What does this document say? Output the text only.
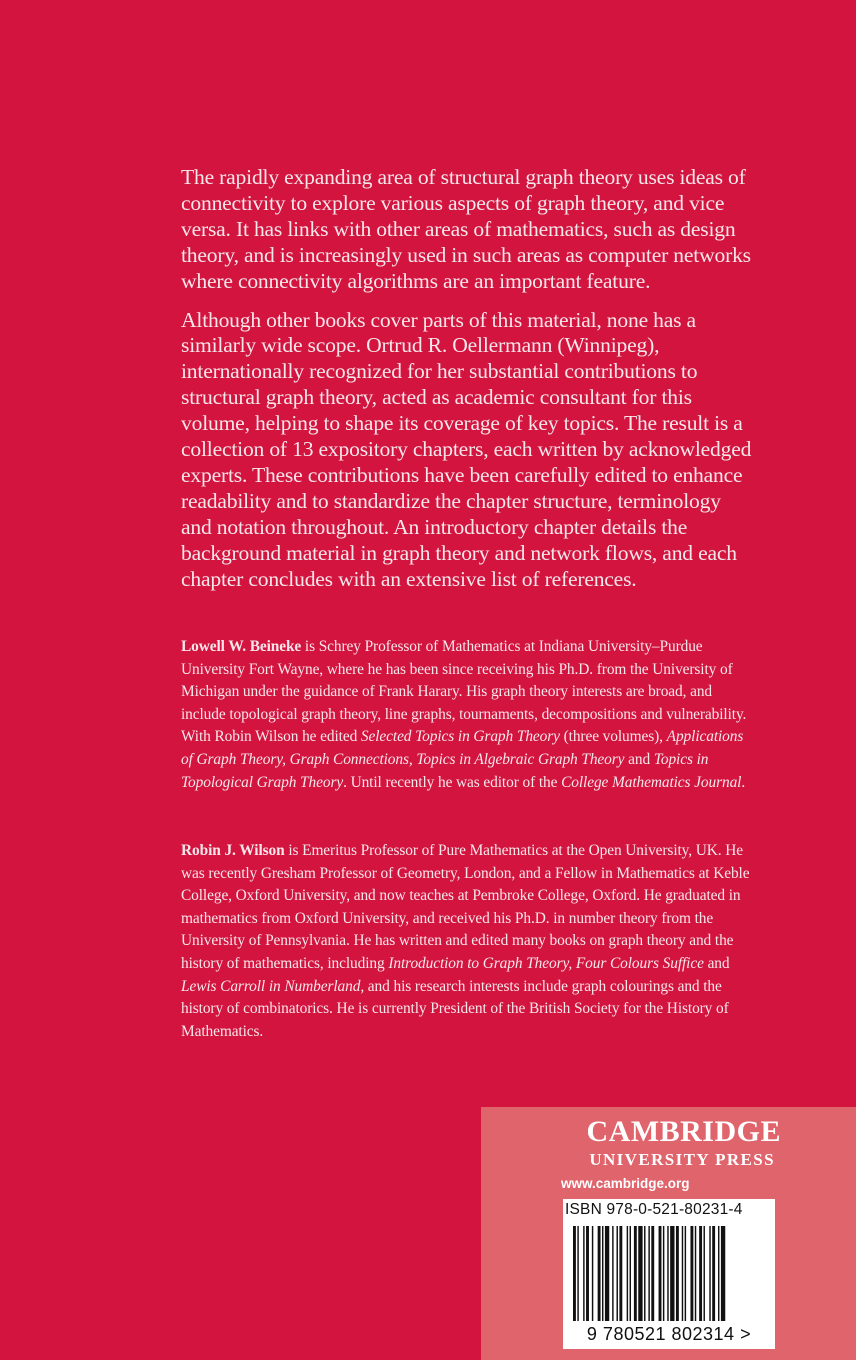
The rapidly expanding area of structural graph theory uses ideas of connectivity to explore various aspects of graph theory, and vice versa. It has links with other areas of mathematics, such as design theory, and is increasingly used in such areas as computer networks where connectivity algorithms are an important feature.

Although other books cover parts of this material, none has a similarly wide scope. Ortrud R. Oellermann (Winnipeg), internationally recognized for her substantial contributions to structural graph theory, acted as academic consultant for this volume, helping to shape its coverage of key topics. The result is a collection of 13 expository chapters, each written by acknowledged experts. These contributions have been carefully edited to enhance readability and to standardize the chapter structure, terminology and notation throughout. An introductory chapter details the background material in graph theory and network flows, and each chapter concludes with an extensive list of references.

Lowell W. Beineke is Schrey Professor of Mathematics at Indiana University–Purdue University Fort Wayne, where he has been since receiving his Ph.D. from the University of Michigan under the guidance of Frank Harary. His graph theory interests are broad, and include topological graph theory, line graphs, tournaments, decompositions and vulnerability. With Robin Wilson he edited Selected Topics in Graph Theory (three volumes), Applications of Graph Theory, Graph Connections, Topics in Algebraic Graph Theory and Topics in Topological Graph Theory. Until recently he was editor of the College Mathematics Journal.

Robin J. Wilson is Emeritus Professor of Pure Mathematics at the Open University, UK. He was recently Gresham Professor of Geometry, London, and a Fellow in Mathematics at Keble College, Oxford University, and now teaches at Pembroke College, Oxford. He graduated in mathematics from Oxford University, and received his Ph.D. in number theory from the University of Pennsylvania. He has written and edited many books on graph theory and the history of mathematics, including Introduction to Graph Theory, Four Colours Suffice and Lewis Carroll in Numberland, and his research interests include graph colourings and the history of combinatorics. He is currently President of the British Society for the History of Mathematics.

CAMBRIDGE
UNIVERSITY PRESS
www.cambridge.org
ISBN 978-0-521-80231-4
9 780521 802314 >
